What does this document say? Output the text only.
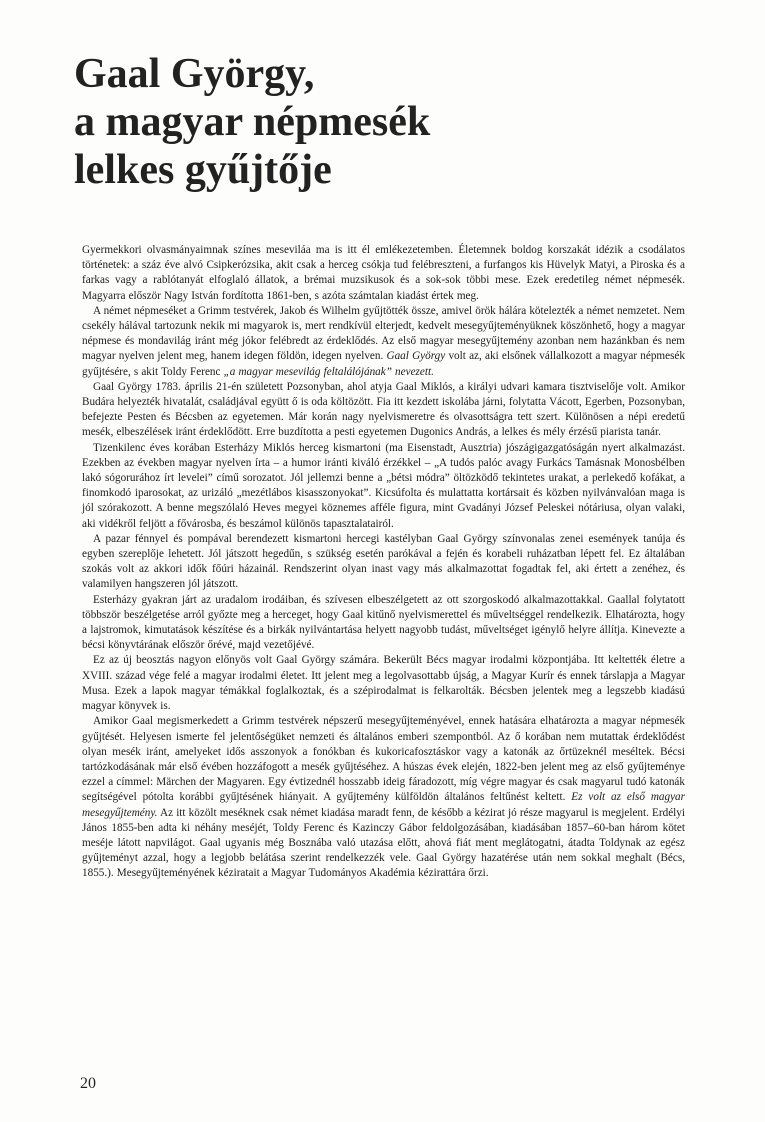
Gaal György,
a magyar népmesék
lelkes gyűjtője

Gyermekkori olvasmányaimnak színes meseviláa ma is itt él emlékezetemben. Életemnek boldog korszakát idézik a csodálatos történetek: a száz éve alvó Csipkerózsika, akit csak a herceg csókja tud felébreszteni, a furfangos kis Hüvelyk Matyi, a Piroska és a farkas vagy a rablótanyát elfoglaló állatok, a brémai muzsikusok és a sok-sok többi mese. Ezek eredetileg német népmesék. Magyarra először Nagy István fordította 1861-ben, s azóta számtalan kiadást értek meg.

A német népmeséket a Grimm testvérek, Jakob és Wilhelm gyűjtötték össze, amivel örök hálára kötelezték a német nemzetet. Nem csekély hálával tartozunk nekik mi magyarok is, mert rendkívül elterjedt, kedvelt mesegyűjteményüknek köszönhető, hogy a magyar népmese és mondavilág iránt még jókor felébredt az érdeklődés. Az első magyar mesegyűjtemény azonban nem hazánkban és nem magyar nyelven jelent meg, hanem idegen földön, idegen nyelven. Gaal György volt az, aki elsőnek vállalkozott a magyar népmesék gyűjtésére, s akit Toldy Ferenc „a magyar mesevilág feltalálójának” nevezett.

Gaal György 1783. április 21-én született Pozsonyban, ahol atyja Gaal Miklós, a királyi udvari kamara tisztviselője volt. Amikor Budára helyezték hivatalát, családjával együtt ő is oda költözött. Fia itt kezdett iskolába járni, folytatta Vácott, Egerben, Pozsonyban, befejezte Pesten és Bécsben az egyetemen. Már korán nagy nyelvismeretre és olvasottságra tett szert. Különösen a népi eredetű mesék, elbeszélések iránt érdeklődött. Erre buzdította a pesti egyetemen Dugonics András, a lelkes és mély érzésű piarista tanár.

Tizenkilenc éves korában Esterházy Miklós herceg kismartoni (ma Eisenstadt, Ausztria) jószágigazgatóságán nyert alkalmazást. Ezekben az években magyar nyelven írta – a humor iránti kiváló érzékkel – „A tudós palóc avagy Furkács Tamásnak Monosbélben lakó sógorurához írt levelei” című sorozatot. Jól jellemzi benne a „bétsi módra” öltözködő tekintetes urakat, a perlekedő kofákat, a finomkodó iparosokat, az urizáló „mezétlábos kisasszonyokat”. Kicsúfolta és mulattatta kortársait és közben nyilvánvalóan maga is jól szórakozott. A benne megszólaló Heves megyei köznemes afféle figura, mint Gvadányi József Peleskei nótáriusa, olyan valaki, aki vidékről feljött a fővárosba, és beszámol különös tapasztalatairól.

A pazar fénnyel és pompával berendezett kismartoni hercegi kastélyban Gaal György színvonalas zenei események tanúja és egyben szereplője lehetett. Jól játszott hegedűn, s szükség esetén parókával a fején és korabeli ruházatban lépett fel. Ez általában szokás volt az akkori idők főúri házainál. Rendszerint olyan inast vagy más alkalmazottat fogadtak fel, aki értett a zenéhez, és valamilyen hangszeren jól játszott.

Esterházy gyakran járt az uradalom irodáiban, és szívesen elbeszélgetett az ott szorgoskodó alkalmazottakkal. Gaallal folytatott többször beszélgetése arról győzte meg a herceget, hogy Gaal kitűnő nyelvismerettel és műveltséggel rendelkezik. Elhatározta, hogy a lajstromok, kimutatások készítése és a birkák nyilvántartása helyett nagyobb tudást, műveltséget igénylő helyre állítja. Kinevezte a bécsi könyvtárának először őrévé, majd vezetőjévé.

Ez az új beosztás nagyon előnyös volt Gaal György számára. Bekerült Bécs magyar irodalmi központjába. Itt keltették életre a XVIII. század vége felé a magyar irodalmi életet. Itt jelent meg a legolvasottabb újság, a Magyar Kurír és ennek társlapja a Magyar Musa. Ezek a lapok magyar témákkal foglalkoztak, és a szépirodalmat is felkarolták. Bécsben jelentek meg a legszebb kiadású magyar könyvek is.

Amikor Gaal megismerkedett a Grimm testvérek népszerű mesegyűjteményével, ennek hatására elhatározta a magyar népmesék gyűjtését. Helyesen ismerte fel jelentőségüket nemzeti és általános emberi szempontból. Az ő korában nem mutattak érdeklődést olyan mesék iránt, amelyeket idős asszonyok a fonókban és kukoricafosztáskor vagy a katonák az őrtüzeknél meséltek. Bécsi tartózkodásának már első évében hozzáfogott a mesék gyűjtéséhez. A húszas évek elején, 1822-ben jelent meg az első gyűjteménye ezzel a címmel: Märchen der Magyaren. Egy évtizednél hosszabb ideig fáradozott, míg végre magyar és csak magyarul tudó katonák segítségével pótolta korábbi gyűjtésének hiányait. A gyűjtemény külföldön általános feltűnést keltett. Ez volt az első magyar mesegyűjtemény. Az itt közölt meséknek csak német kiadása maradt fenn, de később a kézirat jó része magyarul is megjelent. Erdélyi János 1855-ben adta ki néhány meséjét, Toldy Ferenc és Kazinczy Gábor feldolgozásában, kiadásában 1857–60-ban három kötet meséje látott napvilágot. Gaal ugyanis még Bosznába való utazása előtt, ahová fiát ment meglátogatni, átadta Toldynak az egész gyűjteményt azzal, hogy a legjobb belátása szerint rendelkezzék vele. Gaal György hazatérése után nem sokkal meghalt (Bécs, 1855.). Mesegyűjteményének kéziratait a Magyar Tudományos Akadémia kézirattára őrzi.

20
